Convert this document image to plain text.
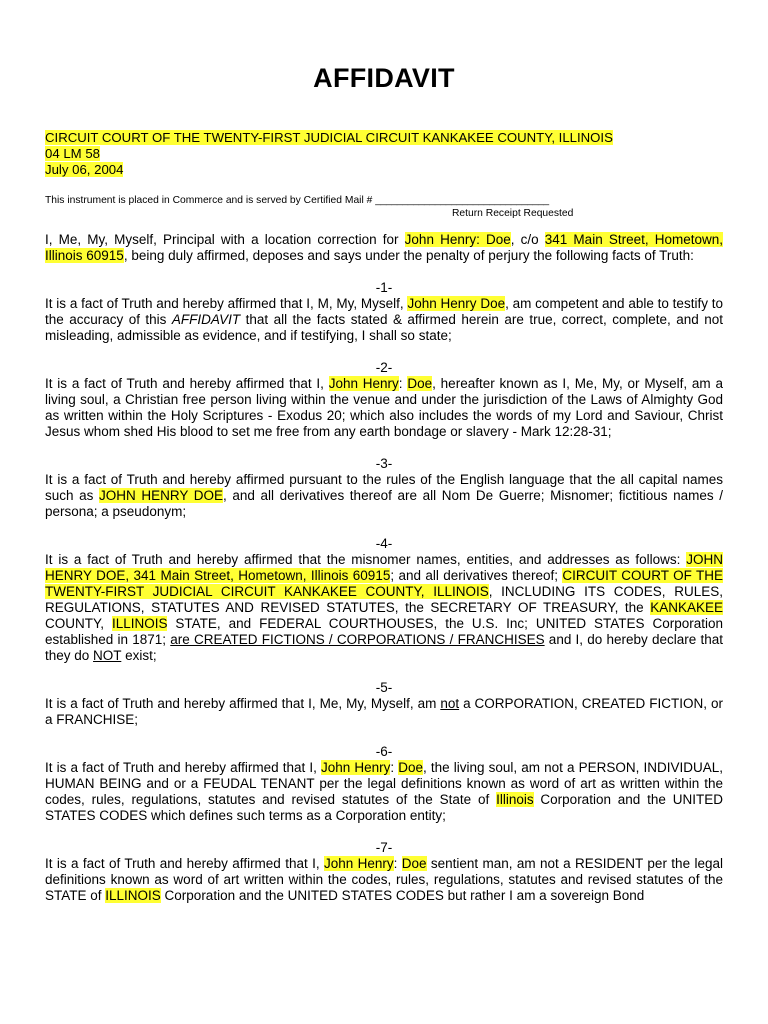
AFFIDAVIT
CIRCUIT COURT OF THE TWENTY-FIRST JUDICIAL CIRCUIT KANKAKEE COUNTY, ILLINOIS
04 LM 58
July 06, 2004
This instrument is placed in Commerce and is served by Certified Mail # ________________________________
Return Receipt Requested

I, Me, My, Myself, Principal with a location correction for John Henry: Doe, c/o 341 Main Street, Hometown, Illinois 60915, being duly affirmed, deposes and says under the penalty of perjury the following facts of Truth:

-1-

It is a fact of Truth and hereby affirmed that I, M, My, Myself, John Henry Doe, am competent and able to testify to the accuracy of this AFFIDAVIT that all the facts stated & affirmed herein are true, correct, complete, and not misleading, admissible as evidence, and if testifying, I shall so state;

-2-

It is a fact of Truth and hereby affirmed that I, John Henry: Doe, hereafter known as I, Me, My, or Myself, am a living soul, a Christian free person living within the venue and under the jurisdiction of the Laws of Almighty God as written within the Holy Scriptures - Exodus 20; which also includes the words of my Lord and Saviour, Christ Jesus whom shed His blood to set me free from any earth bondage or slavery - Mark 12:28-31;

-3-

It is a fact of Truth and hereby affirmed pursuant to the rules of the English language that the all capital names such as JOHN HENRY DOE, and all derivatives thereof are all Nom De Guerre; Misnomer; fictitious names / persona; a pseudonym;

-4-

It is a fact of Truth and hereby affirmed that the misnomer names, entities, and addresses as follows: JOHN HENRY DOE, 341 Main Street, Hometown, Illinois 60915; and all derivatives thereof; CIRCUIT COURT OF THE TWENTY-FIRST JUDICIAL CIRCUIT KANKAKEE COUNTY, ILLINOIS, INCLUDING ITS CODES, RULES, REGULATIONS, STATUTES AND REVISED STATUTES, the SECRETARY OF TREASURY, the KANKAKEE COUNTY, ILLINOIS STATE, and FEDERAL COURTHOUSES, the U.S. Inc; UNITED STATES Corporation established in 1871; are CREATED FICTIONS / CORPORATIONS / FRANCHISES and I, do hereby declare that they do NOT exist;

-5-

It is a fact of Truth and hereby affirmed that I, Me, My, Myself, am not a CORPORATION, CREATED FICTION, or a FRANCHISE;

-6-

It is a fact of Truth and hereby affirmed that I, John Henry: Doe, the living soul, am not a PERSON, INDIVIDUAL, HUMAN BEING and or a FEUDAL TENANT per the legal definitions known as word of art as written within the codes, rules, regulations, statutes and revised statutes of the State of Illinois Corporation and the UNITED STATES CODES which defines such terms as a Corporation entity;

-7-

It is a fact of Truth and hereby affirmed that I, John Henry: Doe sentient man, am not a RESIDENT per the legal definitions known as word of art written within the codes, rules, regulations, statutes and revised statutes of the STATE of ILLINOIS Corporation and the UNITED STATES CODES but rather I am a sovereign Bond
